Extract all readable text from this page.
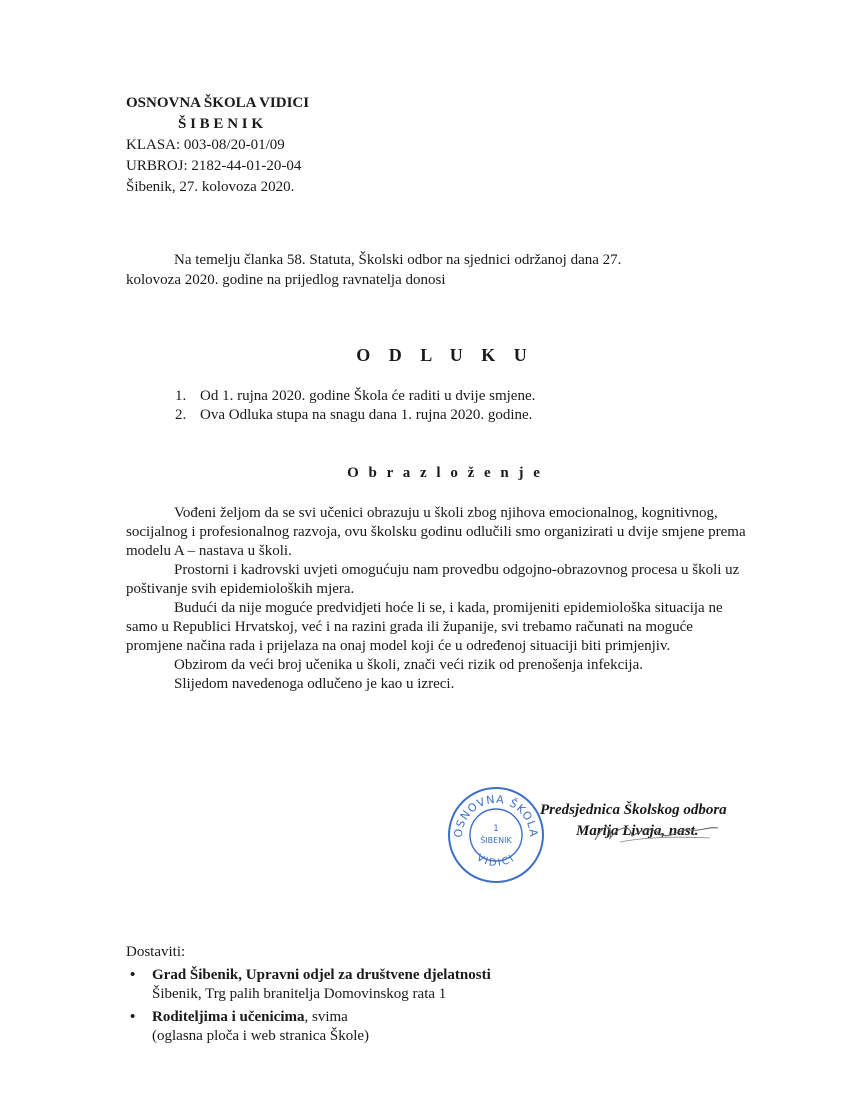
OSNOVNA ŠKOLA VIDICI
Š I B E N I K
KLASA: 003-08/20-01/09
URBROJ: 2182-44-01-20-04
Šibenik, 27. kolovoza 2020.
Na temelju članka 58. Statuta, Školski odbor na sjednici održanoj dana 27. kolovoza 2020. godine na prijedlog ravnatelja donosi
O D L U K U
1. Od 1. rujna 2020. godine Škola će raditi u dvije smjene.
2. Ova Odluka stupa na snagu dana 1. rujna 2020. godine.
O b r a z l o ž e n j e
Vođeni željom da se svi učenici obrazuju u školi zbog njihova emocionalnog, kognitivnog, socijalnog i profesionalnog razvoja, ovu školsku godinu odlučili smo organizirati u dvije smjene prema modelu A – nastava u školi.
Prostorni i kadrovski uvjeti omogućuju nam provedbu odgojno-obrazovnog procesa u školi uz poštivanje svih epidemioloških mjera.
Budući da nije moguće predvidjeti hoće li se, i kada, promijeniti epidemiološka situacija ne samo u Republici Hrvatskoj, već i na razini grada ili županije, svi trebamo računati na moguće promjene načina rada i prijelaza na onaj model koji će u određenoj situaciji biti primjenjiv.
Obzirom da veći broj učenika u školi, znači veći rizik od prenošenja infekcija.
Slijedom navedenoga odlučeno je kao u izreci.
OSNOVNA ŠKOLA
VIDICI
1
ŠIBENIK
Predsjednica Školskog odbora
Marija Livaja, nast.
Dostaviti:
• Grad Šibenik, Upravni odjel za društvene djelatnosti
Šibenik, Trg palih branitelja Domovinskog rata 1
• Roditeljima i učenicima, svima
(oglasna ploča i web stranica Škole)
